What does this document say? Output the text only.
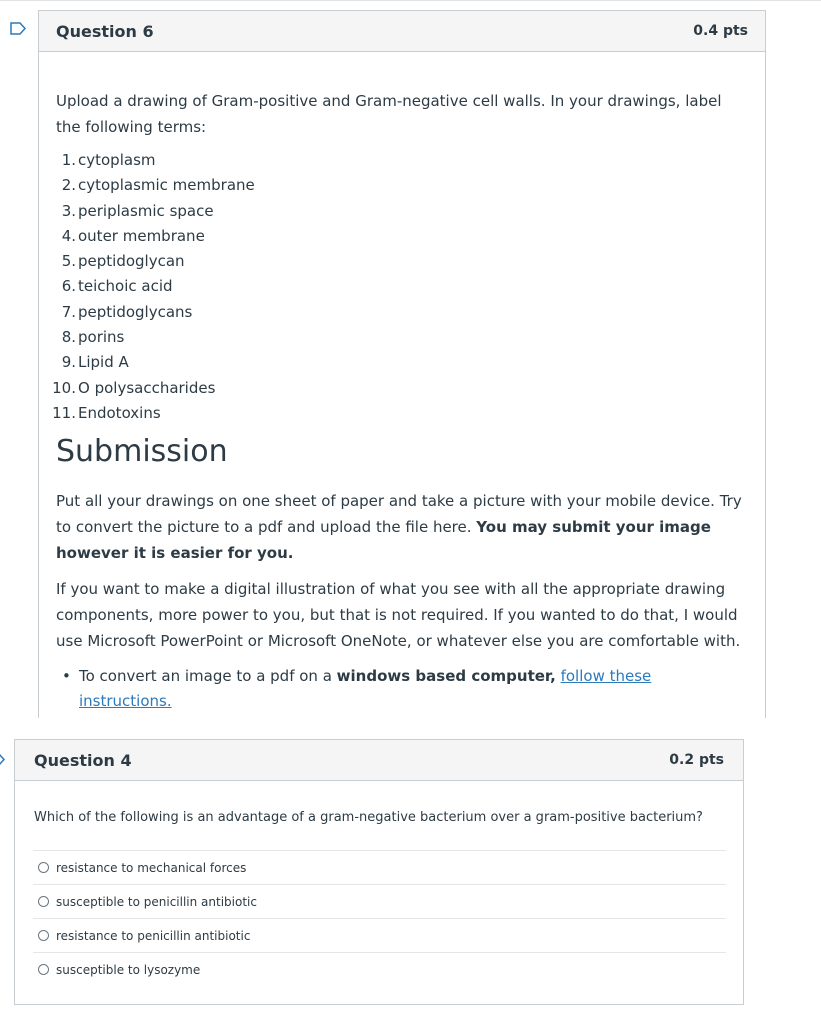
Question 6	0.4 pts

Upload a drawing of Gram-positive and Gram-negative cell walls. In your drawings, label the following terms:

1. cytoplasm
2. cytoplasmic membrane
3. periplasmic space
4. outer membrane
5. peptidoglycan
6. teichoic acid
7. peptidoglycans
8. porins
9. Lipid A
10. O polysaccharides
11. Endotoxins
Submission

Put all your drawings on one sheet of paper and take a picture with your mobile device. Try to convert the picture to a pdf and upload the file here. You may submit your image however it is easier for you.

If you want to make a digital illustration of what you see with all the appropriate drawing components, more power to you, but that is not required. If you wanted to do that, I would use Microsoft PowerPoint or Microsoft OneNote, or whatever else you are comfortable with.

• To convert an image to a pdf on a windows based computer, follow these instructions.
•
Question 4	0.2 pts
Which of the following is an advantage of a gram-negative bacterium over a gram-positive bacterium?
resistance to mechanical forces
susceptible to penicillin antibiotic
resistance to penicillin antibiotic
susceptible to lysozyme
